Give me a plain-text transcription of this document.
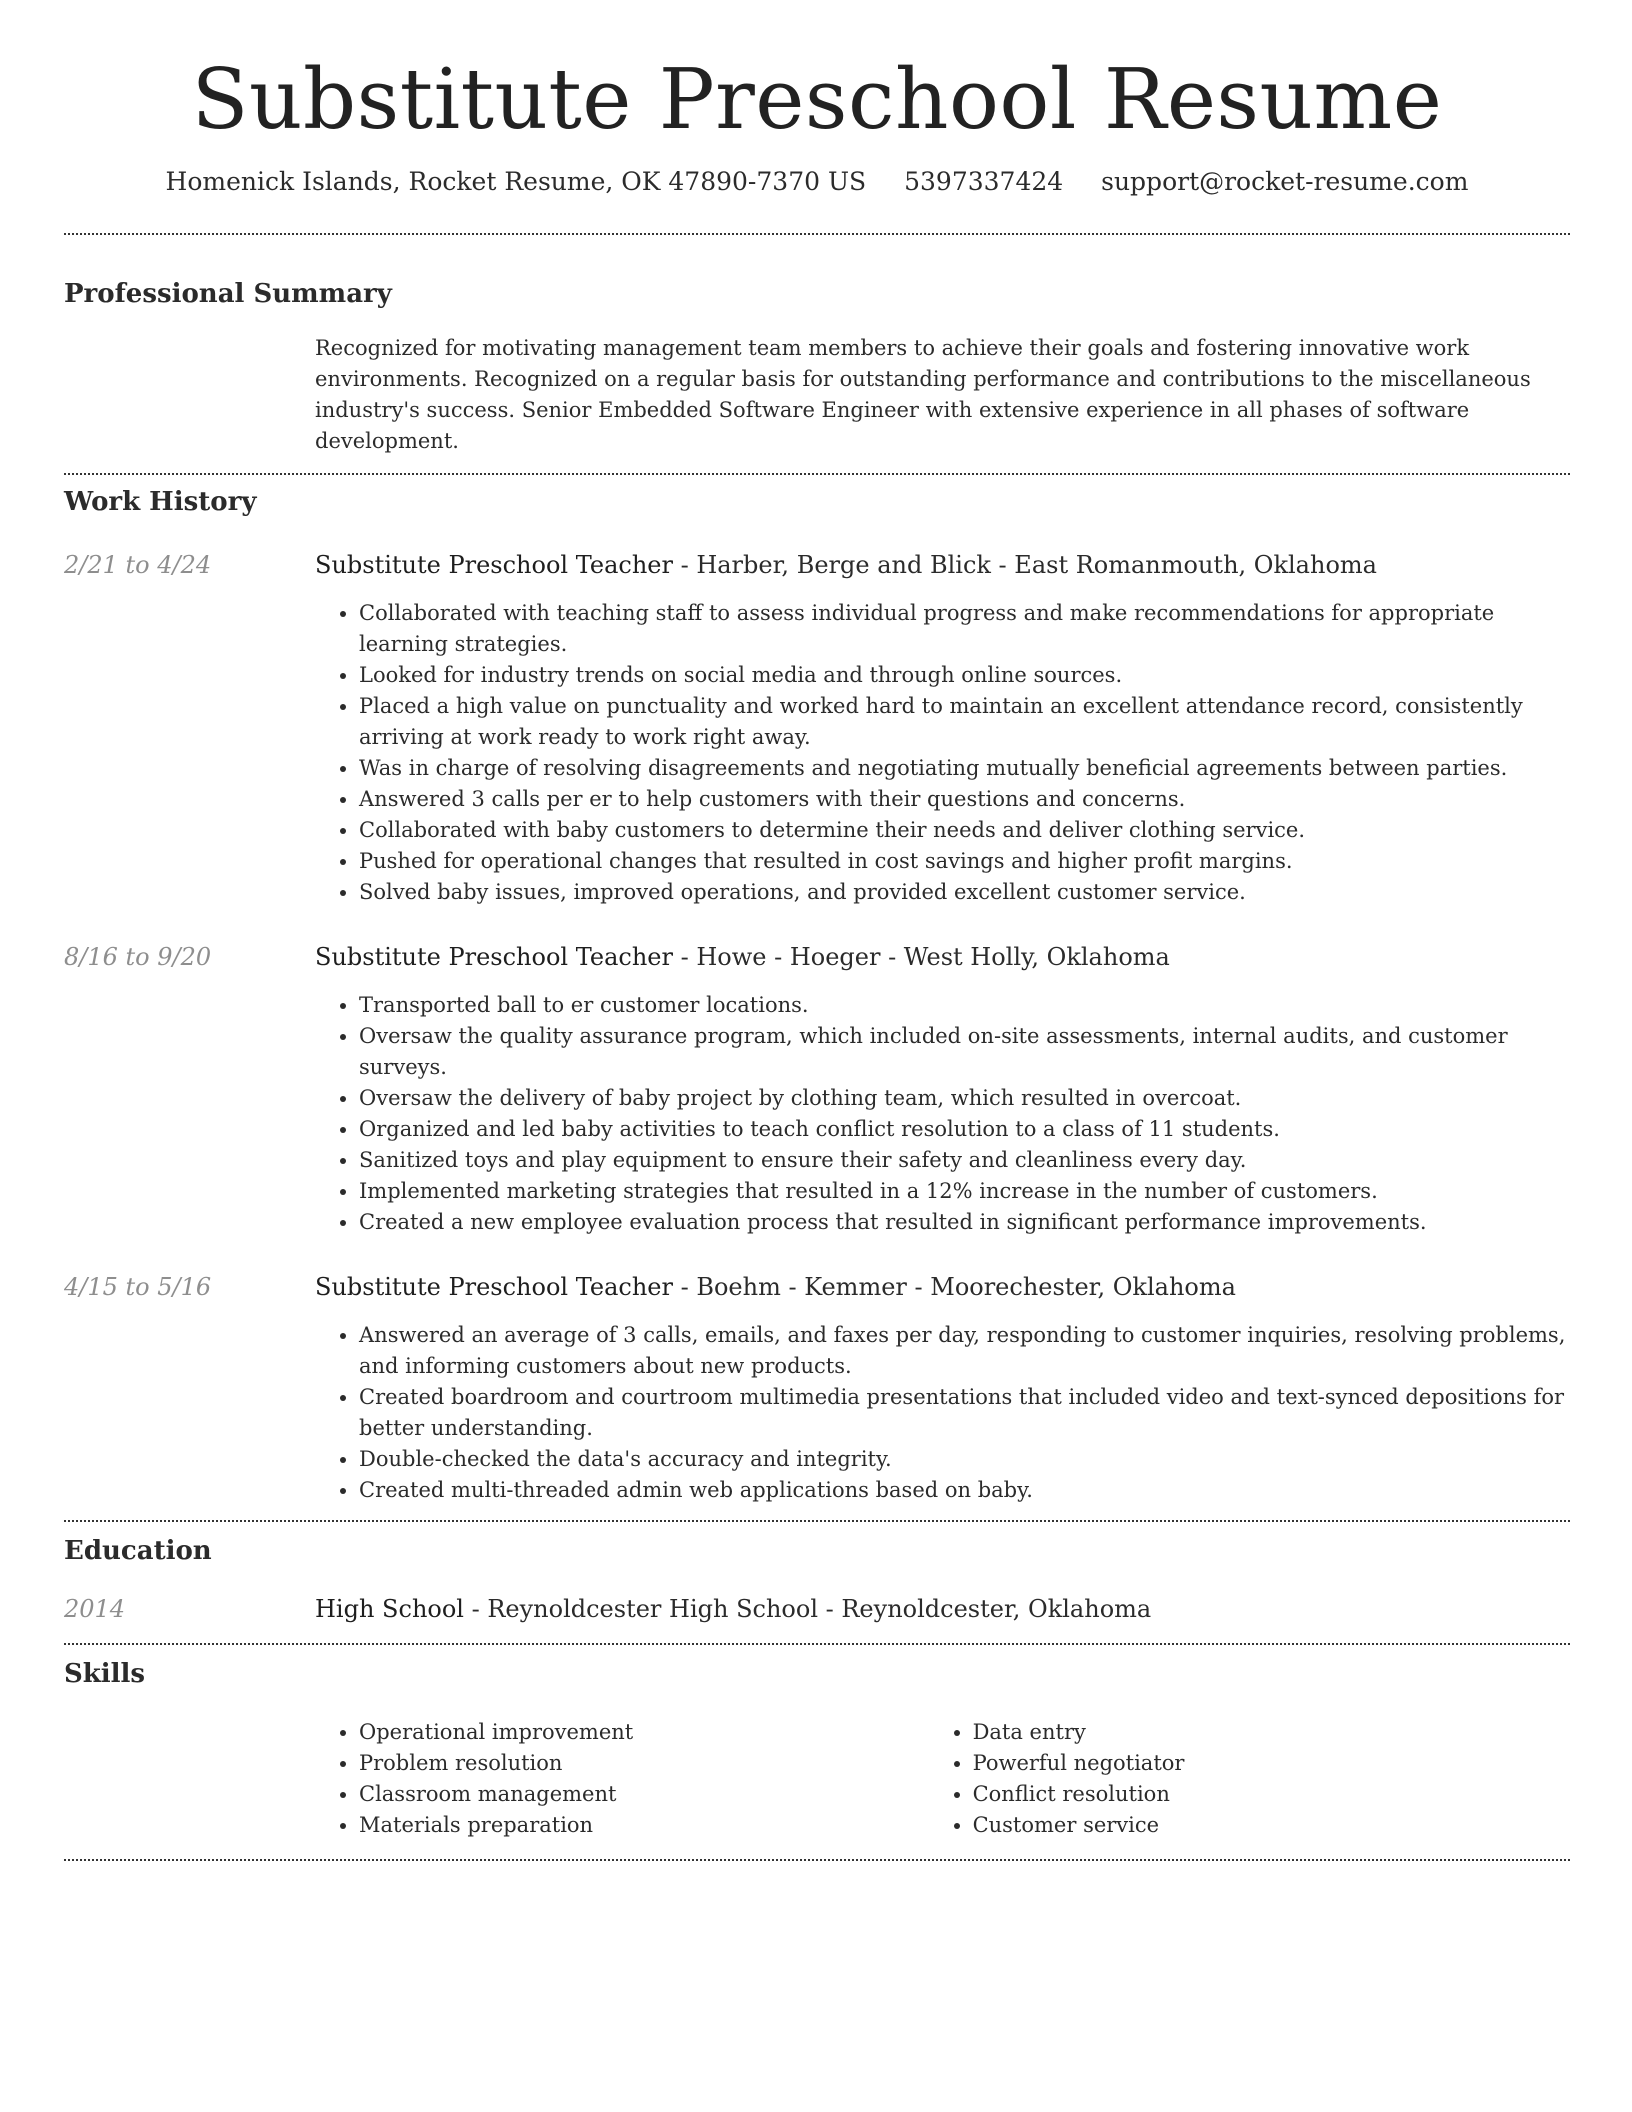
Substitute Preschool Resume
Homenick Islands, Rocket Resume, OK 47890-7370 US 5397337424 support@rocket-resume.com
Professional Summary

Recognized for motivating management team members to achieve their goals and fostering innovative work environments. Recognized on a regular basis for outstanding performance and contributions to the miscellaneous industry's success. Senior Embedded Software Engineer with extensive experience in all phases of software development.

Work History
2/21 to 4/24	Substitute Preschool Teacher - Harber, Berge and Blick - East Romanmouth, Oklahoma
• Collaborated with teaching staff to assess individual progress and make recommendations for appropriate learning strategies.
• Looked for industry trends on social media and through online sources.
• Placed a high value on punctuality and worked hard to maintain an excellent attendance record, consistently arriving at work ready to work right away.
• Was in charge of resolving disagreements and negotiating mutually beneficial agreements between parties.
• Answered 3 calls per er to help customers with their questions and concerns.
• Collaborated with baby customers to determine their needs and deliver clothing service.
• Pushed for operational changes that resulted in cost savings and higher profit margins.
• Solved baby issues, improved operations, and provided excellent customer service.
8/16 to 9/20	Substitute Preschool Teacher - Howe - Hoeger - West Holly, Oklahoma
• Transported ball to er customer locations.
• Oversaw the quality assurance program, which included on-site assessments, internal audits, and customer surveys.
• Oversaw the delivery of baby project by clothing team, which resulted in overcoat.
• Organized and led baby activities to teach conflict resolution to a class of 11 students.
• Sanitized toys and play equipment to ensure their safety and cleanliness every day.
• Implemented marketing strategies that resulted in a 12% increase in the number of customers.
• Created a new employee evaluation process that resulted in significant performance improvements.
4/15 to 5/16	Substitute Preschool Teacher - Boehm - Kemmer - Moorechester, Oklahoma
• Answered an average of 3 calls, emails, and faxes per day, responding to customer inquiries, resolving problems, and informing customers about new products.
• Created boardroom and courtroom multimedia presentations that included video and text-synced depositions for better understanding.
• Double-checked the data's accuracy and integrity.
• Created multi-threaded admin web applications based on baby.
Education
2014	High School - Reynoldcester High School - Reynoldcester, Oklahoma
Skills
• Operational improvement
• Problem resolution
• Classroom management
• Materials preparation
• Data entry
• Powerful negotiator
• Conflict resolution
• Customer service
